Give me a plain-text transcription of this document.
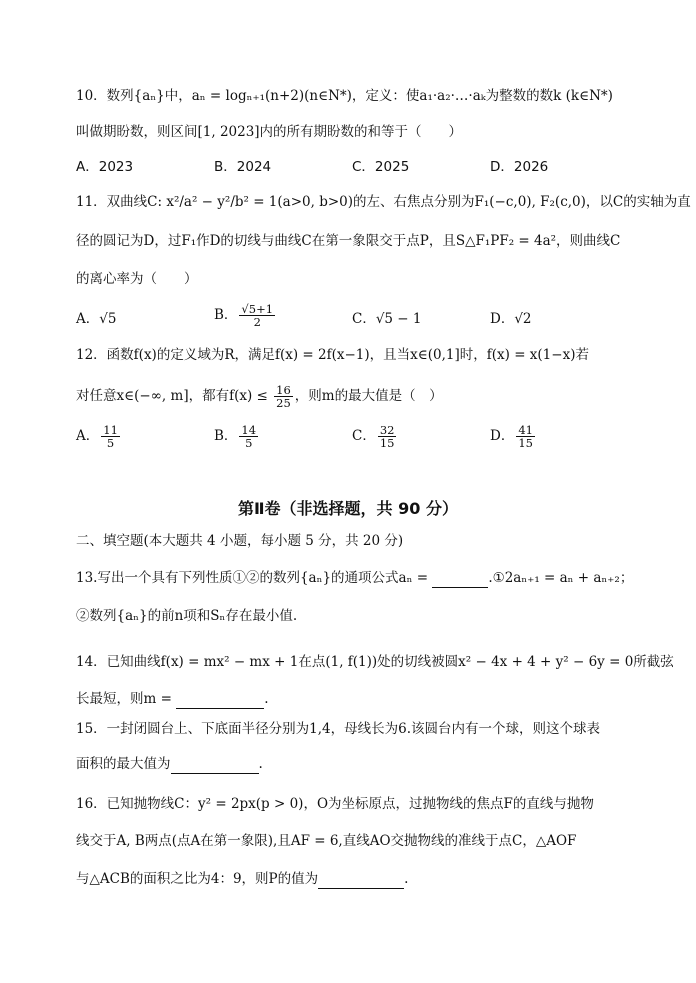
10．数列{aₙ}中，aₙ = logₙ₊₁(n+2)(n∈N*)，定义：使a₁·a₂·…·aₖ为整数的数k (k∈N*)
叫做期盼数，则区间[1, 2023]内的所有期盼数的和等于（　　）
A．2023	B．2024	C．2025	D．2026
11．双曲线C: x²/a² − y²/b² = 1(a>0, b>0)的左、右焦点分别为F₁(−c,0), F₂(c,0)，以C的实轴为直
径的圆记为D，过F₁作D的切线与曲线C在第一象限交于点P，且S△F₁PF₂ = 4a²，则曲线C
的离心率为（　　）
A．√5	B． $\frac{√5+1}{2}$	C．√5 − 1	D．√2
12．函数f(x)的定义域为R，满足f(x) = 2f(x−1)，且当x∈(0,1]时，f(x) = x(1−x)若
对任意x∈(−∞, m]，都有$f(x) \le \frac{16}{25}$ ，则m的最大值是（　）
A． $\frac{11}{5}$	B． $\frac{14}{5}$	C． $\frac{32}{15}$	D． $\frac{41}{15}$
第Ⅱ卷（非选择题，共 90 分）
二、填空题(本大题共 4 小题，每小题 5 分，共 20 分)
13.写出一个具有下列性质①②的数列{aₙ}的通项公式aₙ =	.①2aₙ₊₁ = aₙ + aₙ₊₂；
②数列{aₙ}的前n项和Sₙ存在最小值.
14．已知曲线f(x) = mx² − mx + 1在点(1, f(1))处的切线被圆x² − 4x + 4 + y² − 6y = 0所截弦
长最短，则m =	.
15．一封闭圆台上、下底面半径分别为1,4，母线长为6.该圆台内有一个球，则这个球表
面积的最大值为	.
16．已知抛物线C：y² = 2px(p > 0)，O为坐标原点，过抛物线的焦点F的直线与抛物
线交于A, B两点(点A在第一象限),且AF = 6,直线AO交抛物线的准线于点C，△AOF
与△ACB的面积之比为4：9，则P的值为	.
